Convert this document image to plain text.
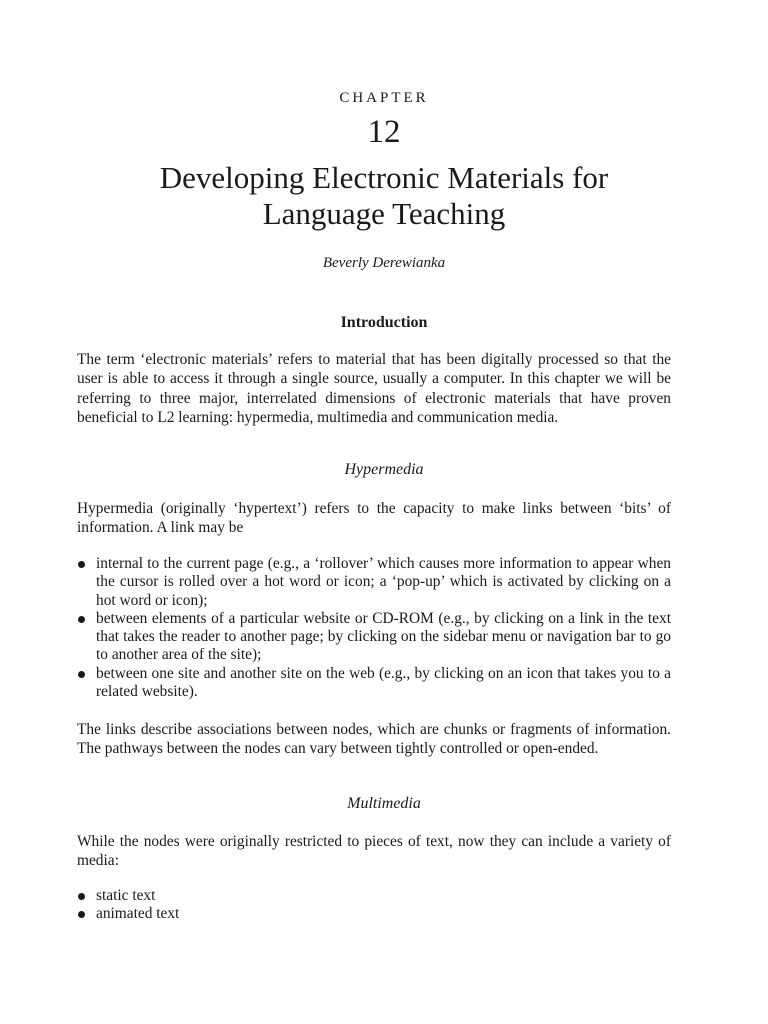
CHAPTER
12
Developing Electronic Materials for
Language Teaching
Beverly Derewianka
Introduction

The term ‘electronic materials’ refers to material that has been digitally processed so that the user is able to access it through a single source, usually a computer. In this chapter we will be referring to three major, interrelated dimensions of electronic materials that have proven beneficial to L2 learning: hypermedia, multimedia and communication media.

Hypermedia

Hypermedia (originally ‘hypertext’) refers to the capacity to make links between ‘bits’ of information. A link may be

internal to the current page (e.g., a ‘rollover’ which causes more information to appear when the cursor is rolled over a hot word or icon; a ‘pop-up’ which is activated by clicking on a hot word or icon);
between elements of a particular website or CD-ROM (e.g., by clicking on a link in the text that takes the reader to another page; by clicking on the sidebar menu or navigation bar to go to another area of the site);
between one site and another site on the web (e.g., by clicking on an icon that takes you to a related website).

The links describe associations between nodes, which are chunks or fragments of information. The pathways between the nodes can vary between tightly controlled or open-ended.

Multimedia

While the nodes were originally restricted to pieces of text, now they can include a variety of media:

static text
animated text
